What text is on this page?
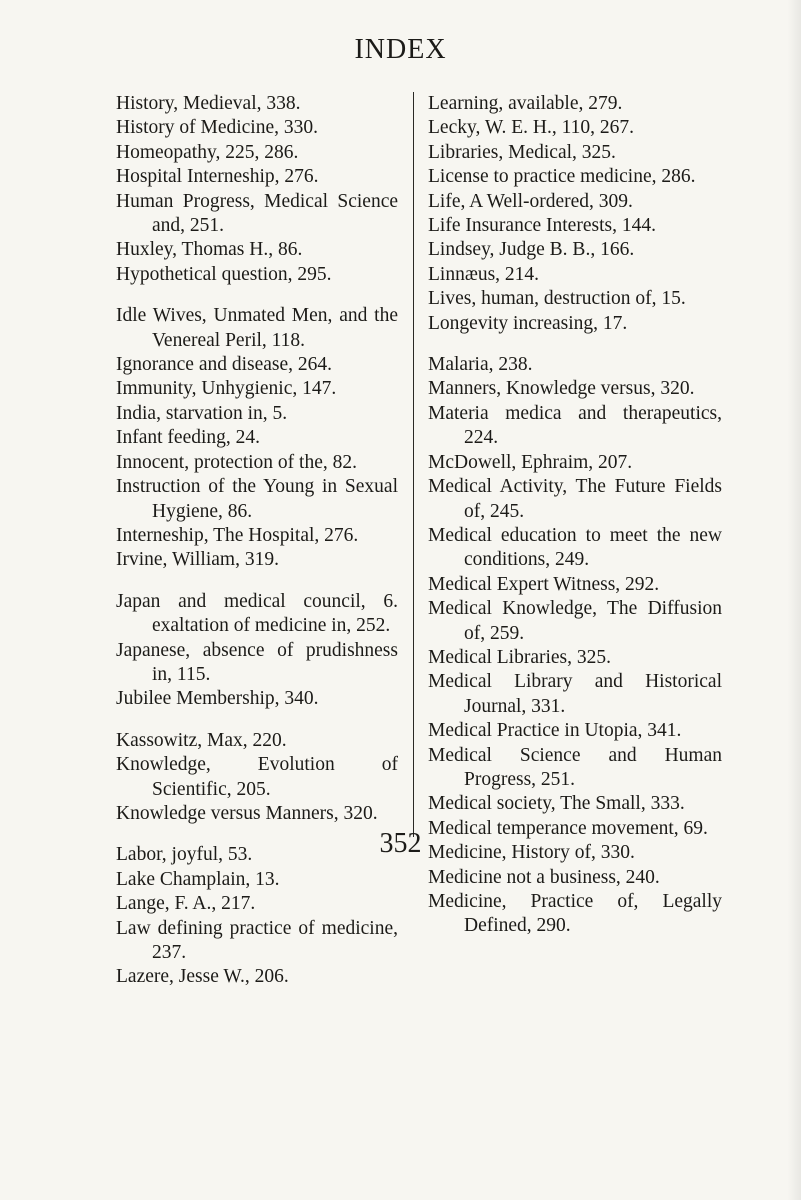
INDEX

History, Medieval, 338.

History of Medicine, 330.

Homeopathy, 225, 286.

Hospital Interneship, 276.

Human Progress, Medical Science and, 251.

Huxley, Thomas H., 86.

Hypothetical question, 295.

Idle Wives, Unmated Men, and the Venereal Peril, 118.

Ignorance and disease, 264.

Immunity, Unhygienic, 147.

India, starvation in, 5.

Infant feeding, 24.

Innocent, protection of the, 82.

Instruction of the Young in Sexual Hygiene, 86.

Interneship, The Hospital, 276.

Irvine, William, 319.

Japan and medical council, 6. exaltation of medicine in, 252.

Japanese, absence of prudishness in, 115.

Jubilee Membership, 340.

Kassowitz, Max, 220.

Knowledge, Evolution of Scientific, 205.

Knowledge versus Manners, 320.

Labor, joyful, 53.

Lake Champlain, 13.

Lange, F. A., 217.

Law defining practice of medicine, 237.

Lazere, Jesse W., 206.

Learning, available, 279.

Lecky, W. E. H., 110, 267.

Libraries, Medical, 325.

License to practice medicine, 286.

Life, A Well-ordered, 309.

Life Insurance Interests, 144.

Lindsey, Judge B. B., 166.

Linnæus, 214.

Lives, human, destruction of, 15.

Longevity increasing, 17.

Malaria, 238.

Manners, Knowledge versus, 320.

Materia medica and therapeutics, 224.

McDowell, Ephraim, 207.

Medical Activity, The Future Fields of, 245.

Medical education to meet the new conditions, 249.

Medical Expert Witness, 292.

Medical Knowledge, The Diffusion of, 259.

Medical Libraries, 325.

Medical Library and Historical Journal, 331.

Medical Practice in Utopia, 341.

Medical Science and Human Progress, 251.

Medical society, The Small, 333.

Medical temperance movement, 69.

Medicine, History of, 330.

Medicine not a business, 240.

Medicine, Practice of, Legally Defined, 290.

352
